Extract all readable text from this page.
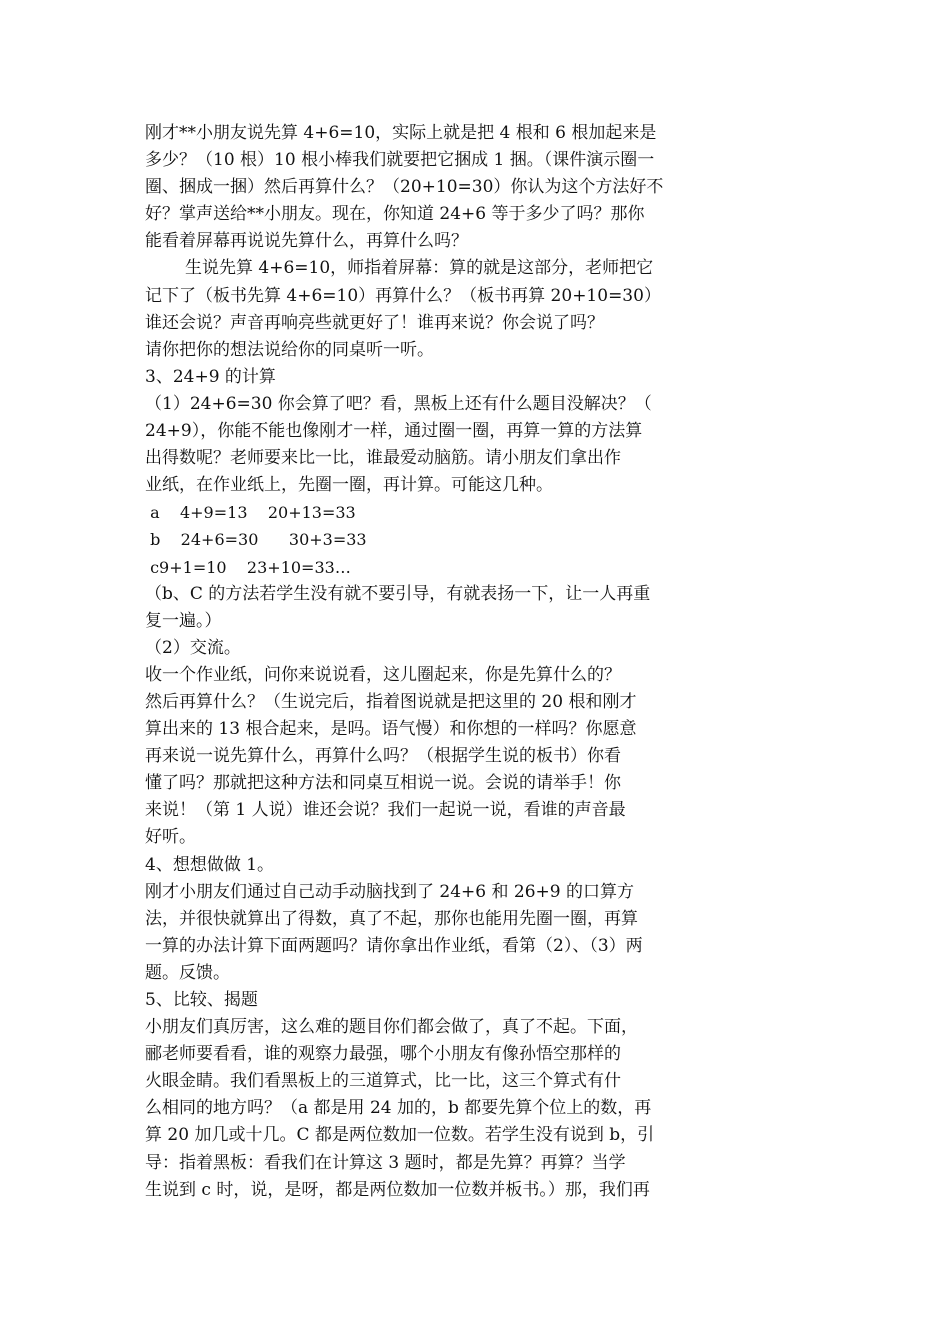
刚才**小朋友说先算 4+6=10，实际上就是把 4 根和 6 根加起来是
多少？（10 根）10 根小棒我们就要把它捆成 1 捆。（课件演示圈一
圈、捆成一捆）然后再算什么？（20+10=30）你认为这个方法好不
好？掌声送给**小朋友。现在，你知道 24+6 等于多少了吗？那你
能看着屏幕再说说先算什么，再算什么吗？
生说先算 4+6=10，师指着屏幕：算的就是这部分，老师把它
记下了（板书先算 4+6=10）再算什么？（板书再算 20+10=30）
谁还会说？声音再响亮些就更好了！谁再来说？你会说了吗？
请你把你的想法说给你的同桌听一听。
3、24+9 的计算
（1）24+6=30 你会算了吧？看，黑板上还有什么题目没解决？（
24+9），你能不能也像刚才一样，通过圈一圈，再算一算的方法算
出得数呢？老师要来比一比，谁最爱动脑筋。请小朋友们拿出作
业纸，在作业纸上，先圈一圈，再计算。可能这几种。
a    4+9=13    20+13=33
b    24+6=30      30+3=33
c9+1=10    23+10=33…
（b、C 的方法若学生没有就不要引导，有就表扬一下，让一人再重
复一遍。）
（2）交流。
收一个作业纸，问你来说说看，这儿圈起来，你是先算什么的？
然后再算什么？（生说完后，指着图说就是把这里的 20 根和刚才
算出来的 13 根合起来，是吗。语气慢）和你想的一样吗？你愿意
再来说一说先算什么，再算什么吗？（根据学生说的板书）你看
懂了吗？那就把这种方法和同桌互相说一说。会说的请举手！你
来说！（第 1 人说）谁还会说？我们一起说一说，看谁的声音最
好听。
4、想想做做 1。
刚才小朋友们通过自己动手动脑找到了 24+6 和 26+9 的口算方
法，并很快就算出了得数，真了不起，那你也能用先圈一圈，再算
一算的办法计算下面两题吗？请你拿出作业纸，看第（2）、（3）两
题。反馈。
5、比较、揭题
小朋友们真厉害，这么难的题目你们都会做了，真了不起。下面，
郦老师要看看，谁的观察力最强，哪个小朋友有像孙悟空那样的
火眼金睛。我们看黑板上的三道算式，比一比，这三个算式有什
么相同的地方吗？（a 都是用 24 加的，b 都要先算个位上的数，再
算 20 加几或十几。C 都是两位数加一位数。若学生没有说到 b，引
导：指着黑板：看我们在计算这 3 题时，都是先算？再算？当学
生说到 c 时，说，是呀，都是两位数加一位数并板书。）那，我们再
